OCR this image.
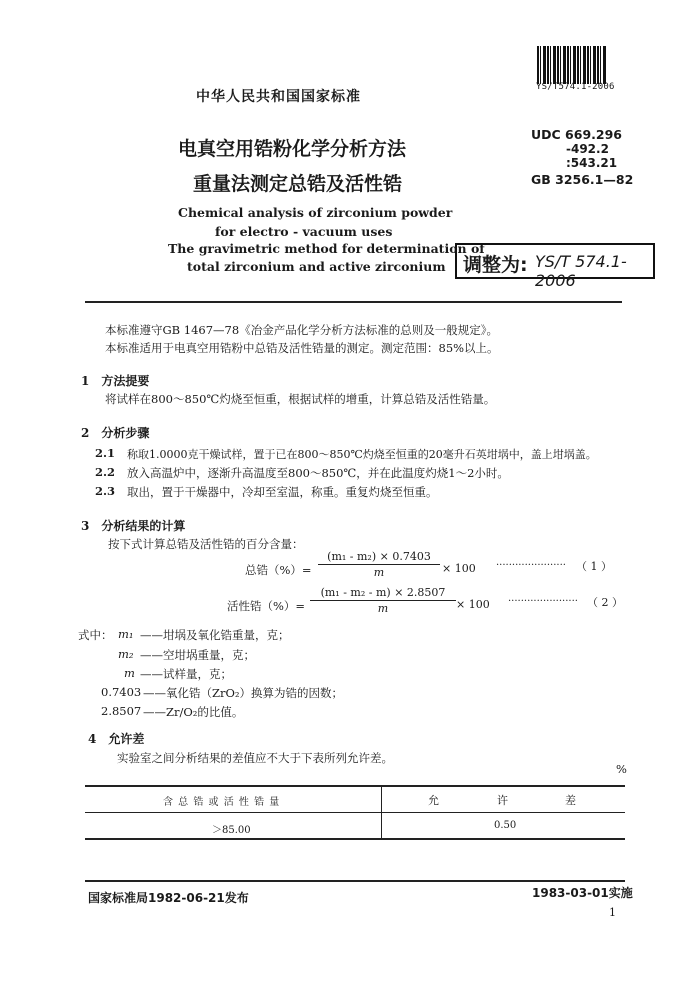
YS/T574.1-2006
中华人民共和国国家标准
电真空用锆粉化学分析方法
重量法测定总锆及活性锆
Chemical analysis of zirconium powder
for electro - vacuum uses
The gravimetric method for determination of
total zirconium and active zirconium
UDC 669.296
-492.2
:543.21
GB 3256.1—82
调整为: YS/T 574.1-2006
本标准遵守GB 1467—78《冶金产品化学分析方法标准的总则及一般规定》。
本标准适用于电真空用锆粉中总锆及活性锆量的测定。测定范围：85%以上。
1　方法提要
将试样在800～850℃灼烧至恒重，根据试样的增重，计算总锆及活性锆量。
2　分析步骤
2.1 称取1.0000克干燥试样，置于已在800～850℃灼烧至恒重的20毫升石英坩埚中，盖上坩埚盖。
2.2 放入高温炉中，逐渐升高温度至800～850℃，并在此温度灼烧1～2小时。
2.3 取出，置于干燥器中，冷却至室温，称重。重复灼烧至恒重。
3　分析结果的计算
按下式计算总锆及活性锆的百分含量：
总锆（%）= $\frac{\text{(m₁ - m₂) × 0.7403}}{m} \times 100$ ...................... （ 1 ）
活性锆（%）= $\frac{\text{(m₁ - m₂ - m) × 2.8507}}{m} \times 100$ ...................... （ 2 ）
式中： m₁ ——坩埚及氧化锆重量，克；
m₂ ——空坩埚重量，克；
m ——试样量，克；
0.7403 ——氧化锆（ZrO₂）换算为锆的因数；
2.8507 ——Zr/O₂的比值。
4　允许差
实验室之间分析结果的差值应不大于下表所列允许差。
%
含 总 锆 或 活 性 锆 量	允	许	差
＞85.00	0.50
国家标准局1982-06-21发布	1983-03-01实施
1
